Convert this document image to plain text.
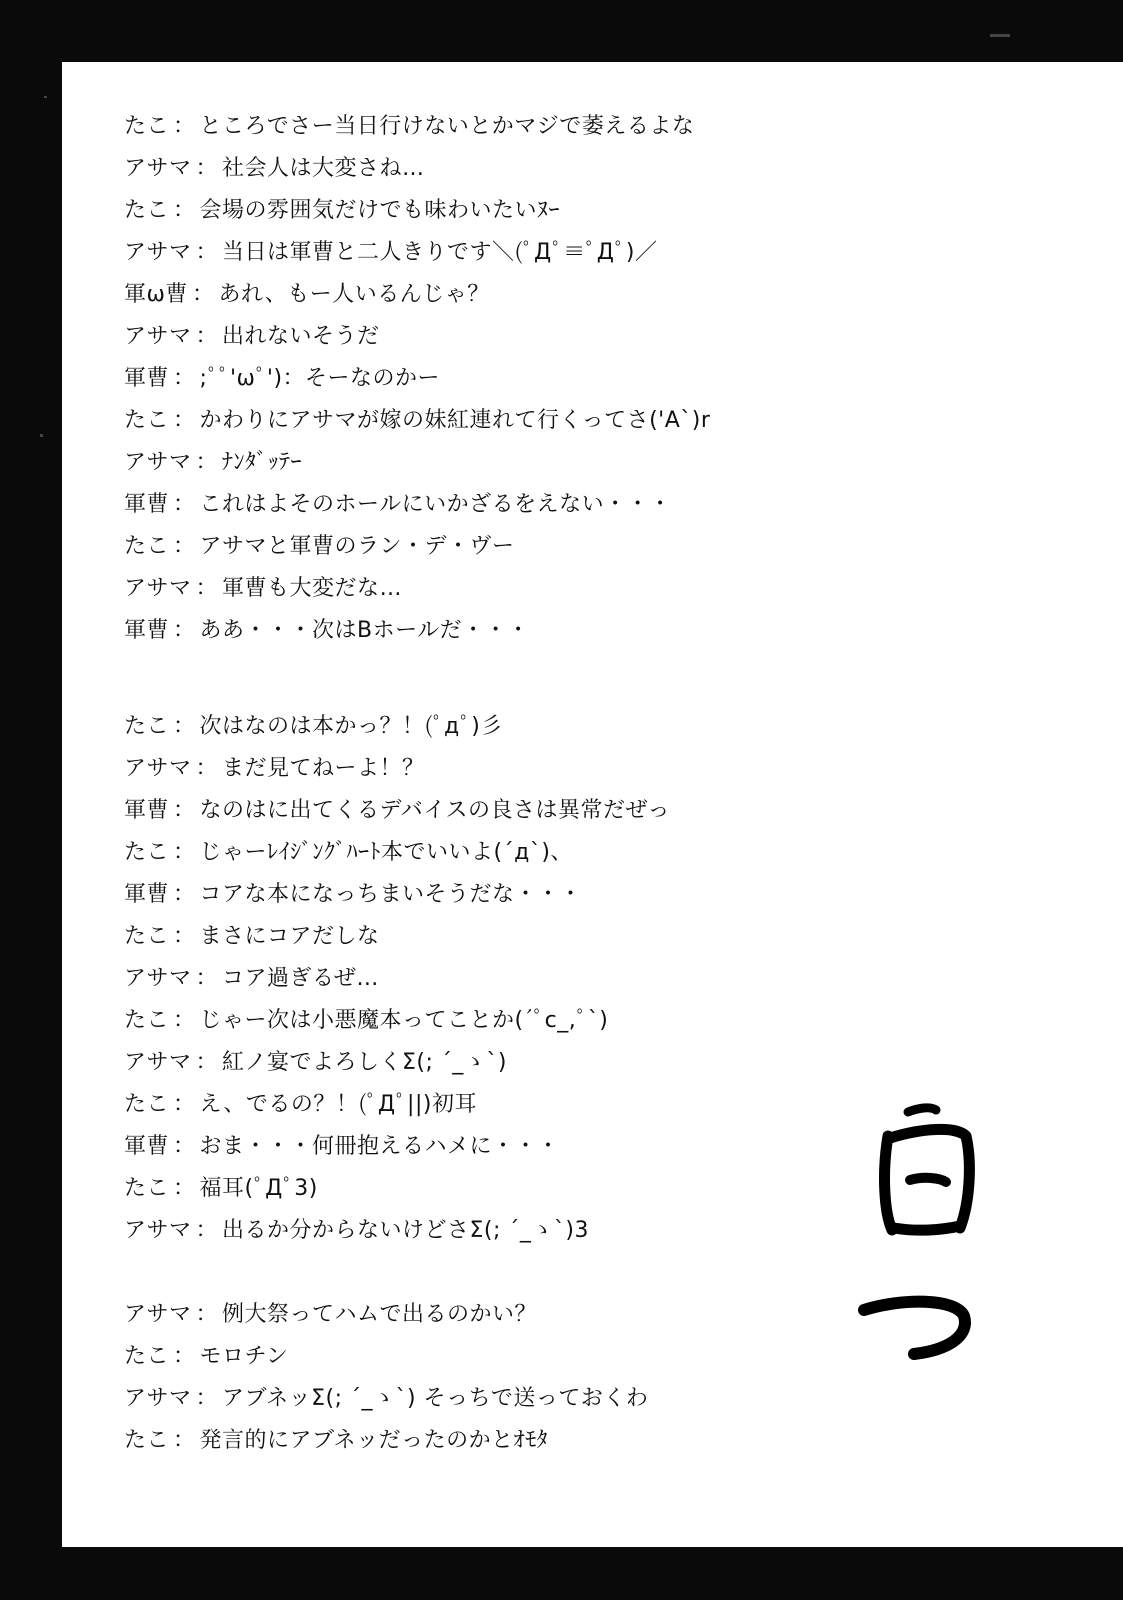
たこ ： ところでさー当日行けないとかマジで萎えるよな
アサマ ： 社会人は大変さね…
たこ ： 会場の雰囲気だけでも味わいたいﾇｰ
アサマ ： 当日は軍曹と二人きりです＼(ﾟДﾟ≡ﾟДﾟ)／
軍ω曹 ： あれ、もー人いるんじゃ？
アサマ ： 出れないそうだ
軍曹 ： ;ﾟﾟ'ωﾟ')：そーなのかー
たこ ： かわりにアサマが嫁の妹紅連れて行くってさ('A`)r
アサマ ： ﾅﾝﾀﾞｯﾃｰ
軍曹 ： これはよそのホールにいかざるをえない・・・
たこ ： アサマと軍曹のラン・デ・ヴー
アサマ ： 軍曹も大変だな…
軍曹 ： ああ・・・次はBホールだ・・・
たこ ： 次はなのは本かっ？！(ﾟдﾟ)彡
アサマ ： まだ見てねーよ！？
軍曹 ： なのはに出てくるデバイスの良さは異常だぜっ
たこ ： じゃーﾚｲｼﾞﾝｸﾞﾊｰﾄ本でいいよ(´д`)、
軍曹 ： コアな本になっちまいそうだな・・・
たこ ： まさにコアだしな
アサマ ： コア過ぎるぜ…
たこ ： じゃー次は小悪魔本ってことか(´ﾟc_,ﾟ`)
アサマ ： 紅ノ宴でよろしくΣ(; ´_ゝ`)
たこ ： え、でるの？！(ﾟДﾟ||)初耳
軍曹 ： おま・・・何冊抱えるハメに・・・
たこ ： 福耳(ﾟДﾟ3)
アサマ ： 出るか分からないけどさΣ(; ´_ゝ`)3
アサマ ： 例大祭ってハムで出るのかい？
たこ ： モロチン
アサマ ： アブネッΣ(; ´_ゝ`) そっちで送っておくわ
たこ ： 発言的にアブネッだったのかとｵﾓﾀ
